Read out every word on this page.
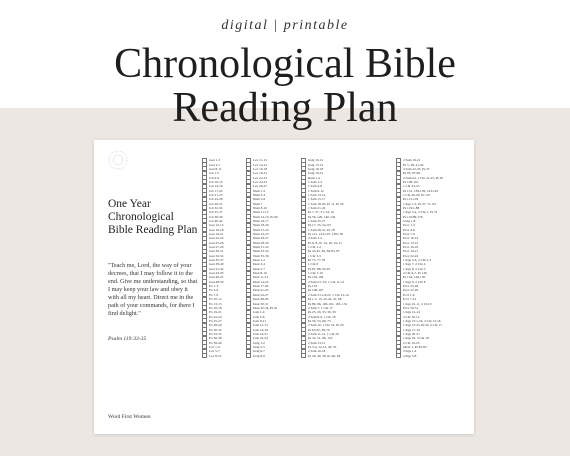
digital | printable
Chronological Bible
Reading Plan
One Year Chronological Bible Reading Plan
"Teach me, Lord, the way of your decrees, that I may follow it to the end. Give me understanding, so that I may keep your law and obey it with all my heart. Direct me in the path of your commands, for there I find delight."
Psalm 119:33-35
Word First Women
Gen 1-3
Gen 4-7
Gen 8-11
Job 1-5
Job 6-9
Job 10-13
Job 14-16
Job 17-20
Job 21-23
Job 24-28
Job 29-31
Job 32-34
Job 35-37
Job 38-39
Job 40-42
Gen 12-15
Gen 16-18
Gen 19-21
Gen 22-24
Gen 25-26
Gen 27-29
Gen 30-31
Gen 32-34
Gen 35-37
Gen 38-40
Gen 41-42
Gen 43-45
Gen 46-47
Gen 48-50
Ex 1-3
Ex 4-6
Ex 7-9
Ex 10-12
Ex 13-15
Ex 16-18
Ex 19-21
Ex 22-24
Ex 25-27
Ex 28-29
Ex 30-32
Ex 33-35
Ex 36-38
Ex 39-40
Lev 1-4
Lev 5-7
Lev 8-10
Lev 11-13
Lev 14-15
Lev 16-18
Lev 19-21
Lev 22-23
Lev 24-25
Lev 26-27
Num 1-2
Num 3-4
Num 5-6
Num 7
Num 8-10
Num 11-13
Num 14-15, Ps 90
Num 16-17
Num 18-20
Num 21-22
Num 23-25
Num 26-27
Num 28-30
Num 31-32
Num 33-34
Num 35-36
Deut 1-2
Deut 3-4
Deut 5-7
Deut 8-10
Deut 11-13
Deut 14-16
Deut 17-20
Deut 21-23
Deut 24-27
Deut 28-29
Deut 30-31
Deut 32-34, Ps 91
Josh 1-4
Josh 5-8
Josh 9-11
Josh 12-15
Josh 16-18
Josh 19-21
Josh 22-24
Judg 1-2
Judg 3-5
Judg 6-7
Judg 8-9
Judg 10-12
Judg 13-15
Judg 16-18
Judg 19-21
Ruth 1-4
1 Sam 1-3
1 Sam 4-8
1 Sam 9-12
1 Sam 13-14
1 Sam 15-17
1 Sam 18-20, Ps 11, Ps 59
1 Sam 21-24
Ps 7, 27, 31, 34, 52
Ps 56, 120, 140-142
1 Sam 25-27
Ps 17, 35, 54, 63
1 Sam 28-31, Ps 18
Ps 121, 123-125, 128-130
2 Sam 1-4
Ps 6, 8-10, 14, 16, 19, 21
1 Chr 1-2
Ps 43-45, 49, 84-85, 87
1 Chr 3-5
Ps 73, 77-78
1 Chr 6
Ps 81, 88, 92-93
1 Chr 7-10
Ps 102-104
2 Sam 5:1-10, 1 Chr 11-12
Ps 133
Ps 106-107
2 Sam 5:11-6:23, 1 Chr 13-16
Ps 1-2, 15, 22-24, 47, 68
Ps 89, 96, 100-101, 105, 132
2 Sam 7, 1 Chr 17
Ps 25, 29, 33, 36, 39
2 Sam 8-9, 1 Chr 18
Ps 50, 53, 60, 75
2 Sam 10, 1 Chr 19, Ps 20
Ps 65-67, 69-70
2 Sam 11-12, 1 Chr 20
Ps 32, 51, 86, 122
2 Sam 13-15
Ps 3-4, 12-13, 28, 55
2 Sam 16-18
Ps 26, 40, 58, 61-62, 64
2 Sam 19-21
Ps 5, 38, 41-42
2 Sam 22-23, Ps 57
Ps 95, 97-99
2 Sam 24, 1 Chr 21-22, Ps 30
Ps 108-110
1 Chr 23-25
Ps 131, 138-139, 143-145
1 Chr 26-29, Ps 127
Ps 111-118
1 Kgs 1-2, Ps 37, 71, 94
Ps 119:1-88
1 Kgs 3-4, 2 Chr 1, Ps 72
Ps 119:89-176
Song 1-8
Prov 1-3
Prov 4-6
Prov 7-9
Prov 10-12
Prov 13-15
Prov 16-18
Prov 19-21
Prov 22-24
1 Kgs 5-6, 2 Chr 2-3
1 Kgs 7, 2 Chr 4
1 Kgs 8, 2 Chr 5
2 Chr 6-7, Ps 136
Ps 134, 146-150
1 Kgs 9, 2 Chr 8
Prov 25-26
Prov 27-29
Eccl 1-6
Eccl 7-12
1 Kgs 10-11, 2 Chr 9
Prov 30-31
1 Kgs 12-14
2 Chr 10-12
1 Kgs 15:1-24, 2 Chr 13-16
1 Kgs 15:25-16:34, 2 Chr 17
1 Kgs 17-19
1 Kgs 20-21
1 Kgs 22, 2 Chr 18
2 Chr 19-23
Obad 1, Ps 82-83
2 Kgs 1-4
2 Kgs 5-8
